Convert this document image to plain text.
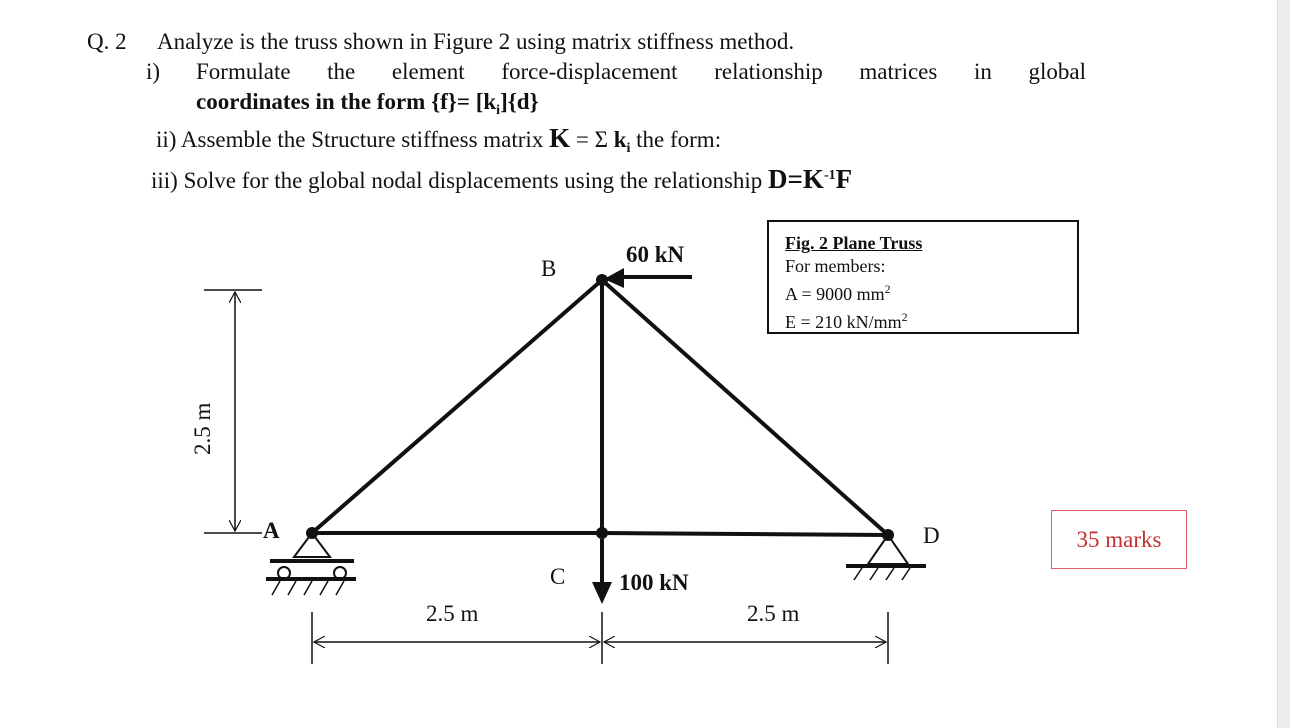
Q. 2 Analyze is the truss shown in Figure 2 using matrix stiffness method.
i) Formulate the element force-displacement relationship matrices in global
coordinates in the form $\{f\}= [k_i]\{d\}$
ii) Assemble the Structure stiffness matrix K = Σ $k_i$ the form:
iii) Solve for the global nodal displacements using the relationship $D=K^{-1}F$
Fig. 2 Plane Truss
For members:
A = 9000 $mm^2$
E = 210 $kN/mm^2$
35 marks
A
B
C
D
60 kN
100 kN
2.5 m
2.5 m	2.5 m
